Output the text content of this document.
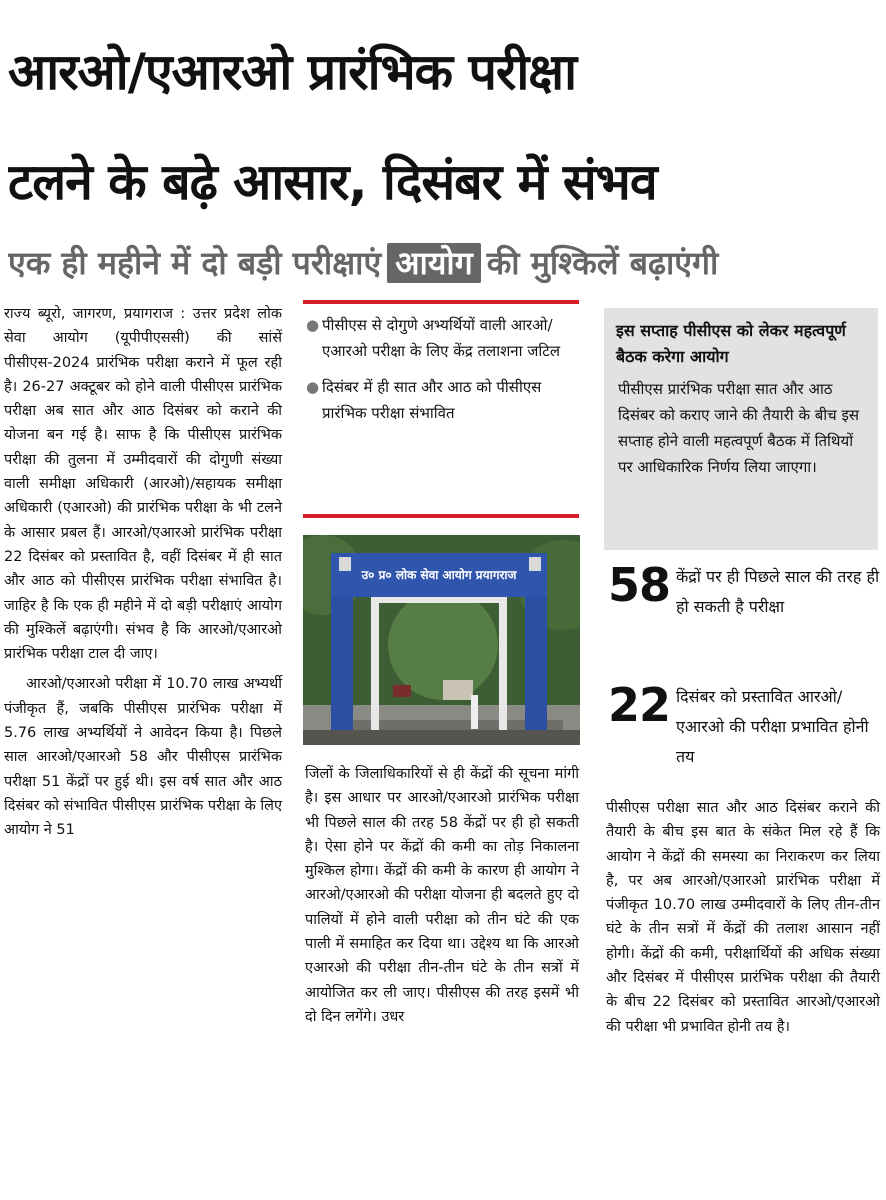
आरओ/एआरओ प्रारंभिक परीक्षा
टलने के बढ़े आसार, दिसंबर में संभव
एक ही महीने में दो बड़ी परीक्षाएं आयोग की मुश्किलें बढ़ाएंगी

राज्य ब्यूरो, जागरण, प्रयागराज : उत्तर प्रदेश लोक सेवा आयोग (यूपीपीएससी) की सांसें पीसीएस-2024 प्रारंभिक परीक्षा कराने में फूल रही है। 26-27 अक्टूबर को होने वाली पीसीएस प्रारंभिक परीक्षा अब सात और आठ दिसंबर को कराने की योजना बन गई है। साफ है कि पीसीएस प्रारंभिक परीक्षा की तुलना में उम्मीदवारों की दोगुणी संख्या वाली समीक्षा अधिकारी (आरओ)/सहायक समीक्षा अधिकारी (एआरओ) की प्रारंभिक परीक्षा के भी टलने के आसार प्रबल हैं। आरओ/एआरओ प्रारंभिक परीक्षा 22 दिसंबर को प्रस्तावित है, वहीं दिसंबर में ही सात और आठ को पीसीएस प्रारंभिक परीक्षा संभावित है। जाहिर है कि एक ही महीने में दो बड़ी परीक्षाएं आयोग की मुश्किलें बढ़ाएंगी। संभव है कि आरओ/एआरओ प्रारंभिक परीक्षा टाल दी जाए।

आरओ/एआरओ परीक्षा में 10.70 लाख अभ्यर्थी पंजीकृत हैं, जबकि पीसीएस प्रारंभिक परीक्षा में 5.76 लाख अभ्यर्थियों ने आवेदन किया है। पिछले साल आरओ/एआरओ 58 और पीसीएस प्रारंभिक परीक्षा 51 केंद्रों पर हुई थी। इस वर्ष सात और आठ दिसंबर को संभावित पीसीएस प्रारंभिक परीक्षा के लिए आयोग ने 51

● पीसीएस से दोगुणे अभ्यर्थियों वाली आरओ/एआरओ परीक्षा के लिए केंद्र तलाशना जटिल
● दिसंबर में ही सात और आठ को पीसीएस प्रारंभिक परीक्षा संभावित
उ० प्र० लोक सेवा आयोग प्रयागराज

जिलों के जिलाधिकारियों से ही केंद्रों की सूचना मांगी है। इस आधार पर आरओ/एआरओ प्रारंभिक परीक्षा भी पिछले साल की तरह 58 केंद्रों पर ही हो सकती है। ऐसा होने पर केंद्रों की कमी का तोड़ निकालना मुश्किल होगा। केंद्रों की कमी के कारण ही आयोग ने आरओ/एआरओ की परीक्षा योजना ही बदलते हुए दो पालियों में होने वाली परीक्षा को तीन घंटे की एक पाली में समाहित कर दिया था। उद्देश्य था कि आरओ एआरओ की परीक्षा तीन-तीन घंटे के तीन सत्रों में आयोजित कर ली जाए। पीसीएस की तरह इसमें भी दो दिन लगेंगे। उधर

इस सप्ताह पीसीएस को लेकर महत्वपूर्ण बैठक करेगा आयोग
पीसीएस प्रारंभिक परीक्षा सात और आठ दिसंबर को कराए जाने की तैयारी के बीच इस सप्ताह होने वाली महत्वपूर्ण बैठक में तिथियों पर आधिकारिक निर्णय लिया जाएगा।
58 केंद्रों पर ही पिछले साल की तरह ही हो सकती है परीक्षा
22 दिसंबर को प्रस्तावित आरओ/एआरओ की परीक्षा प्रभावित होनी तय

पीसीएस परीक्षा सात और आठ दिसंबर कराने की तैयारी के बीच इस बात के संकेत मिल रहे हैं कि आयोग ने केंद्रों की समस्या का निराकरण कर लिया है, पर अब आरओ/एआरओ प्रारंभिक परीक्षा में पंजीकृत 10.70 लाख उम्मीदवारों के लिए तीन-तीन घंटे के तीन सत्रों में केंद्रों की तलाश आसान नहीं होगी। केंद्रों की कमी, परीक्षार्थियों की अधिक संख्या और दिसंबर में पीसीएस प्रारंभिक परीक्षा की तैयारी के बीच 22 दिसंबर को प्रस्तावित आरओ/एआरओ की परीक्षा भी प्रभावित होनी तय है।
